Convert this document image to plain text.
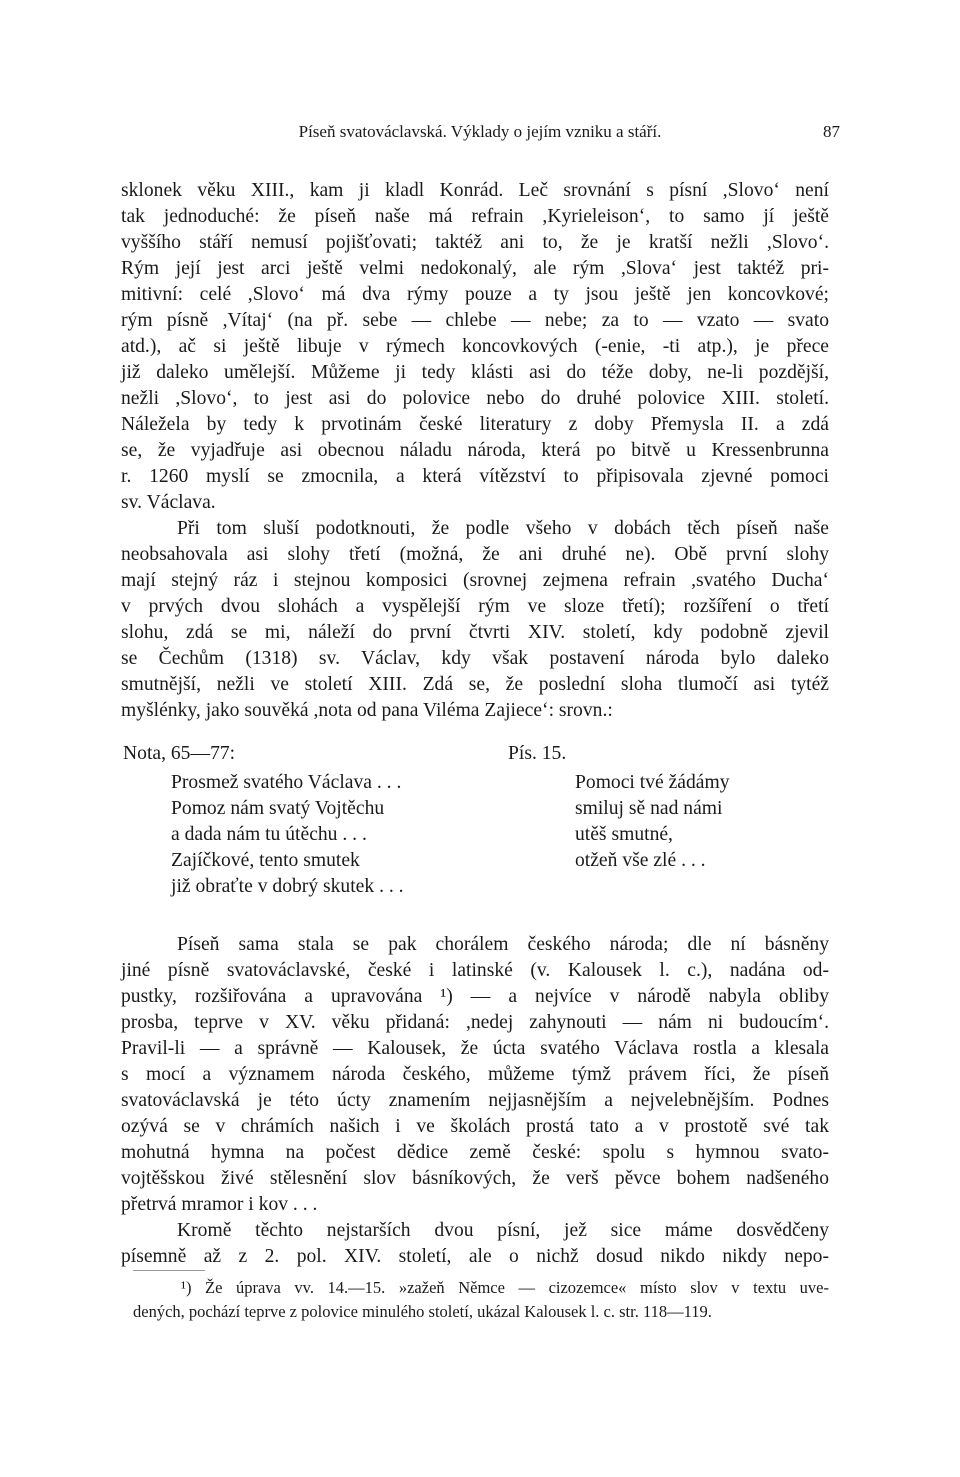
Píseň svatováclavská. Výklady o jejím vzniku a stáří.	87
sklonek věku XIII., kam ji kladl Konrád. Leč srovnání s písní ,Slovo‘ není
tak jednoduché: že píseň naše má refrain ,Kyrieleison‘, to samo jí ještě
vyššího stáří nemusí pojišťovati; taktéž ani to, že je kratší nežli ,Slovo‘.
Rým její jest arci ještě velmi nedokonalý, ale rým ,Slova‘ jest taktéž pri-
mitivní: celé ,Slovo‘ má dva rýmy pouze a ty jsou ještě jen koncovkové;
rým písně ,Vítaj‘ (na př. sebe — chlebe — nebe; za to — vzato — svato
atd.), ač si ještě libuje v rýmech koncovkových (-enie, -ti atp.), je přece
již daleko umělejší. Můžeme ji tedy klásti asi do téže doby, ne-li pozdější,
nežli ,Slovo‘, to jest asi do polovice nebo do druhé polovice XIII. století.
Náležela by tedy k prvotinám české literatury z doby Přemysla II. a zdá
se, že vyjadřuje asi obecnou náladu národa, která po bitvě u Kressenbrunna
r. 1260 myslí se zmocnila, a která vítězství to připisovala zjevné pomoci
sv. Václava.
Při tom sluší podotknouti, že podle všeho v dobách těch píseň naše
neobsahovala asi slohy třetí (možná, že ani druhé ne). Obě první slohy
mají stejný ráz i stejnou komposici (srovnej zejmena refrain ,svatého Ducha‘
v prvých dvou slohách a vyspělejší rým ve sloze třetí); rozšíření o třetí
slohu, zdá se mi, náleží do první čtvrti XIV. století, kdy podobně zjevil
se Čechům (1318) sv. Václav, kdy však postavení národa bylo daleko
smutnější, nežli ve století XIII. Zdá se, že poslední sloha tlumočí asi tytéž
myšlénky, jako souvěká ,nota od pana Viléma Zajiece‘: srovn.:
Nota, 65—77:
Prosmež svatého Václava . . .
Pomoz nám svatý Vojtěchu
a dada nám tu útěchu . . .
Zajíčkové, tento smutek
již obraťte v dobrý skutek . . .
Pís. 15.
Pomoci tvé žádámy
smiluj sě nad námi
utěš smutné,
otžeň vše zlé . . .
Píseň sama stala se pak chorálem českého národa; dle ní básněny
jiné písně svatováclavské, české i latinské (v. Kalousek l. c.), nadána od-
pustky, rozšiřována a upravována ¹) — a nejvíce v národě nabyla obliby
prosba, teprve v XV. věku přidaná: ,nedej zahynouti — nám ni budoucím‘.
Pravil-li — a správně — Kalousek, že úcta svatého Václava rostla a klesala
s mocí a významem národa českého, můžeme týmž právem říci, že píseň
svatováclavská je této úcty znamením nejjasnějším a nejvelebnějším. Podnes
ozývá se v chrámích našich i ve školách prostá tato a v prostotě své tak
mohutná hymna na počest dědice země české: spolu s hymnou svato-
vojtěšskou živé stělesnění slov básníkových, že verš pěvce bohem nadšeného
přetrvá mramor i kov . . .
Kromě těchto nejstarších dvou písní, jež sice máme dosvědčeny
písemně až z 2. pol. XIV. století, ale o nichž dosud nikdo nikdy nepo-
¹) Že úprava vv. 14.—15. »zažeň Němce — cizozemce« místo slov v textu uve-
dených, pochází teprve z polovice minulého století, ukázal Kalousek l. c. str. 118—119.
